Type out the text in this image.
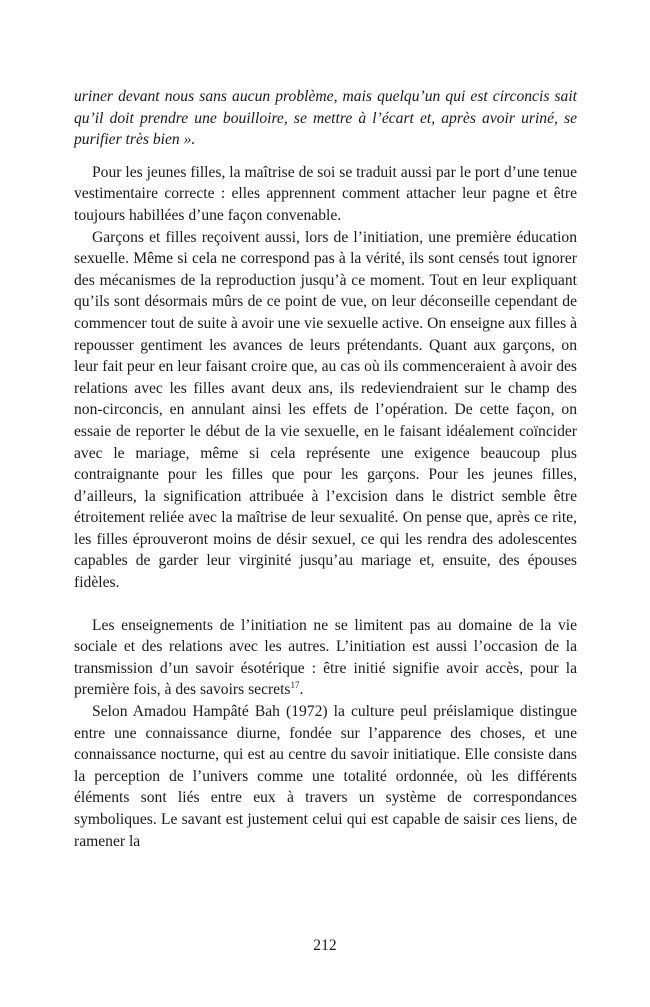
uriner devant nous sans aucun problème, mais quelqu’un qui est circoncis sait qu’il doit prendre une bouilloire, se mettre à l’écart et, après avoir uriné, se purifier très bien ».

Pour les jeunes filles, la maîtrise de soi se traduit aussi par le port d’une tenue vestimentaire correcte : elles apprennent comment attacher leur pagne et être toujours habillées d’une façon convenable.

Garçons et filles reçoivent aussi, lors de l’initiation, une première éducation sexuelle. Même si cela ne correspond pas à la vérité, ils sont censés tout ignorer des mécanismes de la reproduction jusqu’à ce moment. Tout en leur expliquant qu’ils sont désormais mûrs de ce point de vue, on leur déconseille cependant de commencer tout de suite à avoir une vie sexuelle active. On enseigne aux filles à repousser gentiment les avances de leurs prétendants. Quant aux garçons, on leur fait peur en leur faisant croire que, au cas où ils commenceraient à avoir des relations avec les filles avant deux ans, ils redeviendraient sur le champ des non-circoncis, en annulant ainsi les effets de l’opération. De cette façon, on essaie de reporter le début de la vie sexuelle, en le faisant idéalement coïncider avec le mariage, même si cela représente une exigence beaucoup plus contraignante pour les filles que pour les garçons. Pour les jeunes filles, d’ailleurs, la signification attribuée à l’excision dans le district semble être étroitement reliée avec la maîtrise de leur sexualité. On pense que, après ce rite, les filles éprouveront moins de désir sexuel, ce qui les rendra des adolescentes capables de garder leur virginité jusqu’au mariage et, ensuite, des épouses fidèles.

Les enseignements de l’initiation ne se limitent pas au domaine de la vie sociale et des relations avec les autres. L’initiation est aussi l’occasion de la transmission d’un savoir ésotérique : être initié signifie avoir accès, pour la première fois, à des savoirs secrets$^{17}$.

Selon Amadou Hampâté Bah (1972) la culture peul préislamique distingue entre une connaissance diurne, fondée sur l’apparence des choses, et une connaissance nocturne, qui est au centre du savoir initiatique. Elle consiste dans la perception de l’univers comme une totalité ordonnée, où les différents éléments sont liés entre eux à travers un système de correspondances symboliques. Le savant est justement celui qui est capable de saisir ces liens, de ramener la

212
